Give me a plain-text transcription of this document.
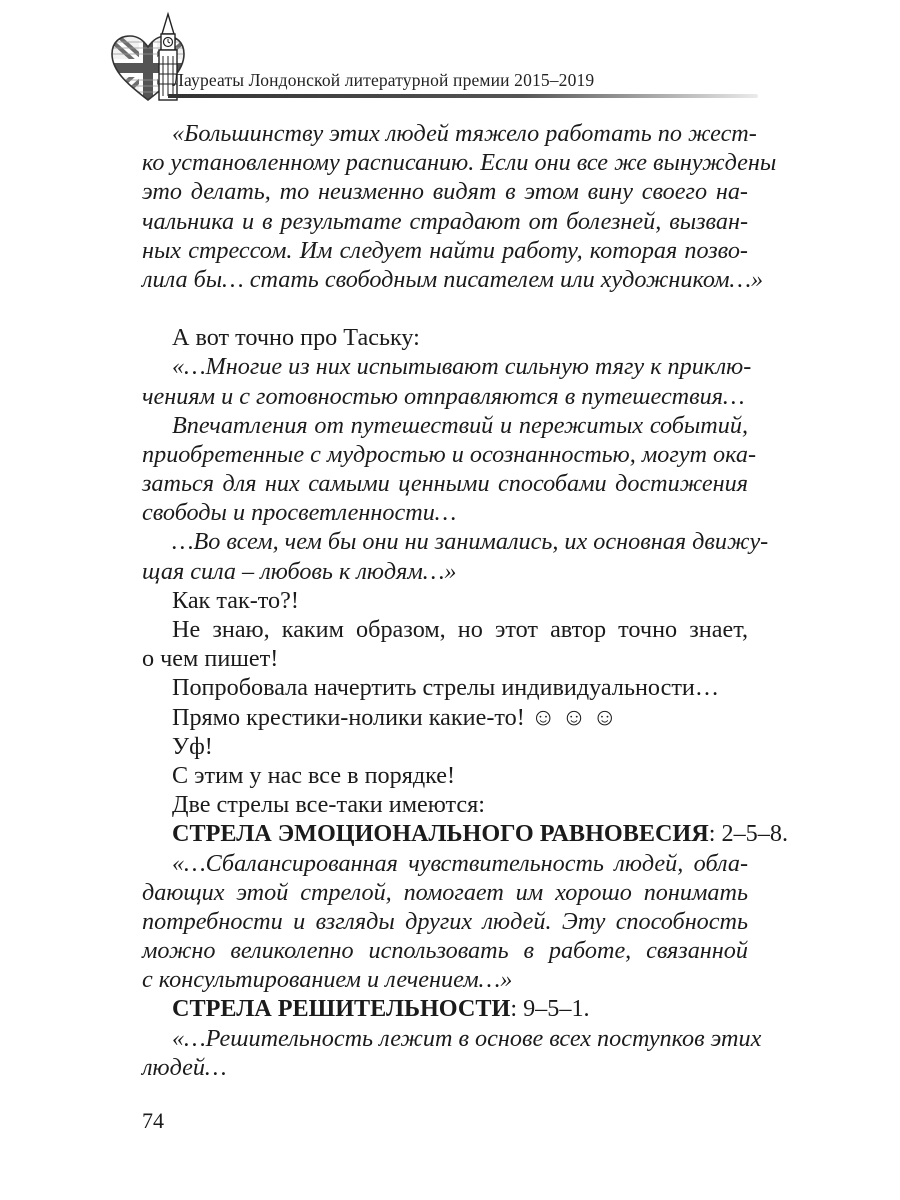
Лауреаты Лондонской литературной премии 2015–2019
«Большинству этих людей тяжело работать по жест-
ко установленному расписанию. Если они все же вынуждены
это делать, то неизменно видят в этом вину своего на-
чальника и в результате страдают от болезней, вызван-
ных стрессом. Им следует найти работу, которая позво-
лила бы… стать свободным писателем или художником…»
А вот точно про Таську:
«…Многие из них испытывают сильную тягу к приклю-
чениям и с готовностью отправляются в путешествия…
Впечатления от путешествий и пережитых событий,
приобретенные с мудростью и осознанностью, могут ока-
заться для них самыми ценными способами достижения
свободы и просветленности…
…Во всем, чем бы они ни занимались, их основная движу-
щая сила – любовь к людям…»
Как так-то?!
Не знаю, каким образом, но этот автор точно знает,
о чем пишет!
Попробовала начертить стрелы индивидуальности…
Прямо крестики-нолики какие-то! ☺ ☺ ☺
Уф!
С этим у нас все в порядке!
Две стрелы все-таки имеются:
СТРЕЛА ЭМОЦИОНАЛЬНОГО РАВНОВЕСИЯ: 2–5–8.
«…Сбалансированная чувствительность людей, обла-
дающих этой стрелой, помогает им хорошо понимать
потребности и взгляды других людей. Эту способность
можно великолепно использовать в работе, связанной
с консультированием и лечением…»
СТРЕЛА РЕШИТЕЛЬНОСТИ: 9–5–1.
«…Решительность лежит в основе всех поступков этих
людей…
74
